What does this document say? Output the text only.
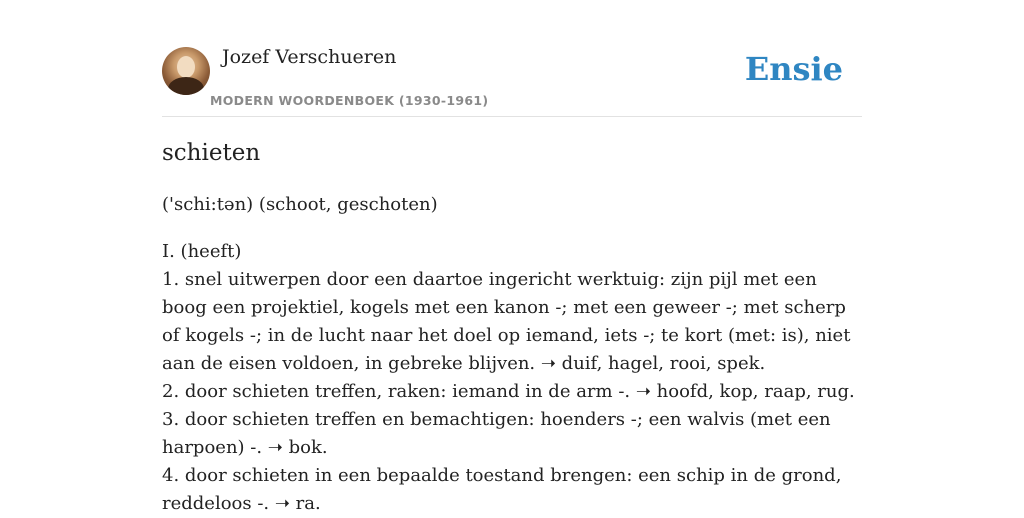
Jozef Verschueren
MODERN WOORDENBOEK (1930-1961)
Ensie
schieten
('schi:tən) (schoot, geschoten)
I. (heeft)
1. snel uitwerpen door een daartoe ingericht werktuig: zijn pijl met een boog een projektiel, kogels met een kanon -; met een geweer -; met scherp of kogels -; in de lucht naar het doel op iemand, iets -; te kort (met: is), niet aan de eisen voldoen, in gebreke blijven. ➝ duif, hagel, rooi, spek.
2. door schieten treffen, raken: iemand in de arm -. ➝ hoofd, kop, raap, rug.
3. door schieten treffen en bemachtigen: hoenders -; een walvis (met een harpoen) -. ➝ bok.
4. door schieten in een bepaalde toestand brengen: een schip in de grond, reddeloos -. ➝ ra.
